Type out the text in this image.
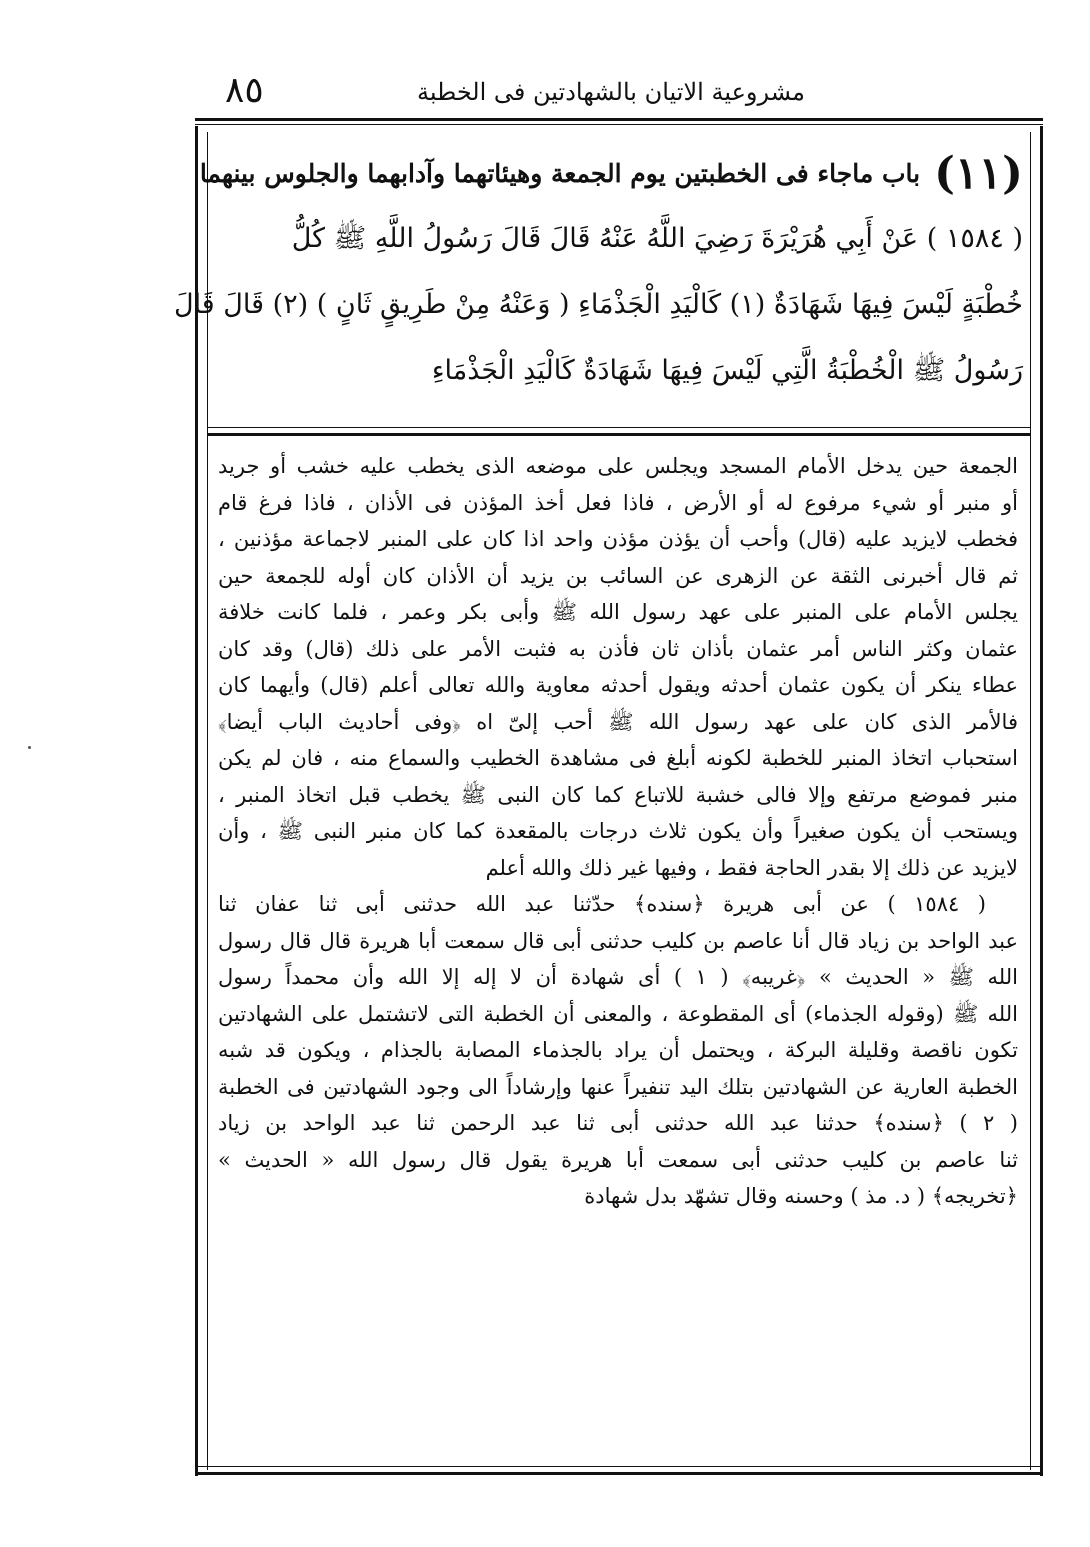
مشروعية الاتيان بالشهادتين فى الخطبة
٨٥
(١١)
باب ماجاء فى الخطبتين يوم الجمعة وهيئاتهما وآدابهما والجلوس بينهما
( ١٥٨٤ ) عَنْ أَبِي هُرَيْرَةَ رَضِيَ اللَّهُ عَنْهُ قَالَ قَالَ رَسُولُ اللَّهِ ﷺ كُلُّ
خُطْبَةٍ لَيْسَ فِيهَا شَهَادَةٌ (١) كَالْيَدِ الْجَذْمَاءِ ( وَعَنْهُ مِنْ طَرِيقٍ ثَانٍ ) (٢) قَالَ قَالَ
رَسُولُ ﷺ الْخُطْبَةُ الَّتِي لَيْسَ فِيهَا شَهَادَةٌ كَالْيَدِ الْجَذْمَاءِ
الجمعة حين يدخل الأمام المسجد ويجلس على موضعه الذى يخطب عليه خشب أو جريد
أو منبر أو شيء مرفوع له أو الأرض ، فاذا فعل أخذ المؤذن فى الأذان ، فاذا فرغ قام
فخطب لايزيد عليه (قال) وأحب أن يؤذن مؤذن واحد اذا كان على المنبر لاجماعة مؤذنين ،
ثم قال أخبرنى الثقة عن الزهرى عن السائب بن يزيد أن الأذان كان أوله للجمعة حين
يجلس الأمام على المنبر على عهد رسول الله ﷺ وأبى بكر وعمر ، فلما كانت خلافة
عثمان وكثر الناس أمر عثمان بأذان ثان فأذن به فثبت الأمر على ذلك (قال) وقد كان
عطاء ينكر أن يكون عثمان أحدثه ويقول أحدثه معاوية والله تعالى أعلم (قال) وأيهما كان
فالأمر الذى كان على عهد رسول الله ﷺ أحب إلىّ اه ﴿وفى أحاديث الباب أيضا﴾
استحباب اتخاذ المنبر للخطبة لكونه أبلغ فى مشاهدة الخطيب والسماع منه ، فان لم يكن
منبر فموضع مرتفع وإلا فالى خشبة للاتباع كما كان النبى ﷺ يخطب قبل اتخاذ المنبر ،
ويستحب أن يكون صغيراً وأن يكون ثلاث درجات بالمقعدة كما كان منبر النبى ﷺ ، وأن
لايزيد عن ذلك إلا بقدر الحاجة فقط ، وفيها غير ذلك والله أعلم
( ١٥٨٤ ) عن أبى هريرة ﴿سنده﴾ حدّثنا عبد الله حدثنى أبى ثنا عفان ثنا
عبد الواحد بن زياد قال أنا عاصم بن كليب حدثنى أبى قال سمعت أبا هريرة قال قال رسول
الله ﷺ « الحديث » ﴿غريبه﴾ ( ١ ) أى شهادة أن لا إله إلا الله وأن محمداً رسول
الله ﷺ (وقوله الجذماء) أى المقطوعة ، والمعنى أن الخطبة التى لاتشتمل على الشهادتين
تكون ناقصة وقليلة البركة ، ويحتمل أن يراد بالجذماء المصابة بالجذام ، ويكون قد شبه
الخطبة العارية عن الشهادتين بتلك اليد تنفيراً عنها وإرشاداً الى وجود الشهادتين فى الخطبة
( ٢ ) ﴿سنده﴾ حدثنا عبد الله حدثنى أبى ثنا عبد الرحمن ثنا عبد الواحد بن زياد
ثنا عاصم بن كليب حدثنى أبى سمعت أبا هريرة يقول قال رسول الله « الحديث »
﴿تخريجه﴾ ( د. مذ ) وحسنه وقال تشهّد بدل شهادة
